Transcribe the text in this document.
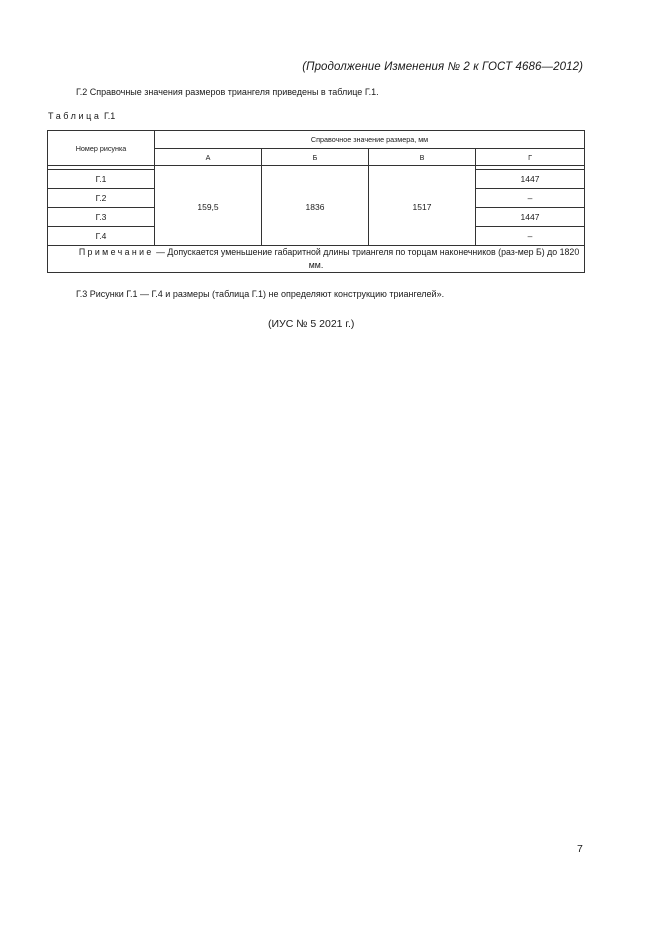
(Продолжение Изменения № 2 к ГОСТ 4686—2012)
Г.2 Справочные значения размеров триангеля приведены в таблице Г.1.
Таблица Г.1
Номер рисунка	Справочное значение размера, мм			
	А	Б	В	Г

Г.1	159,5	1836	1517	1447
Г.2				–
Г.3				1447
Г.4				–
Примечание — Допускается уменьшение габаритной длины триангеля по торцам наконечников (раз-мер Б) до 1820 мм.				
Г.3 Рисунки Г.1 — Г.4 и размеры (таблица Г.1) не определяют конструкцию триангелей».
(ИУС № 5 2021 г.)
7
